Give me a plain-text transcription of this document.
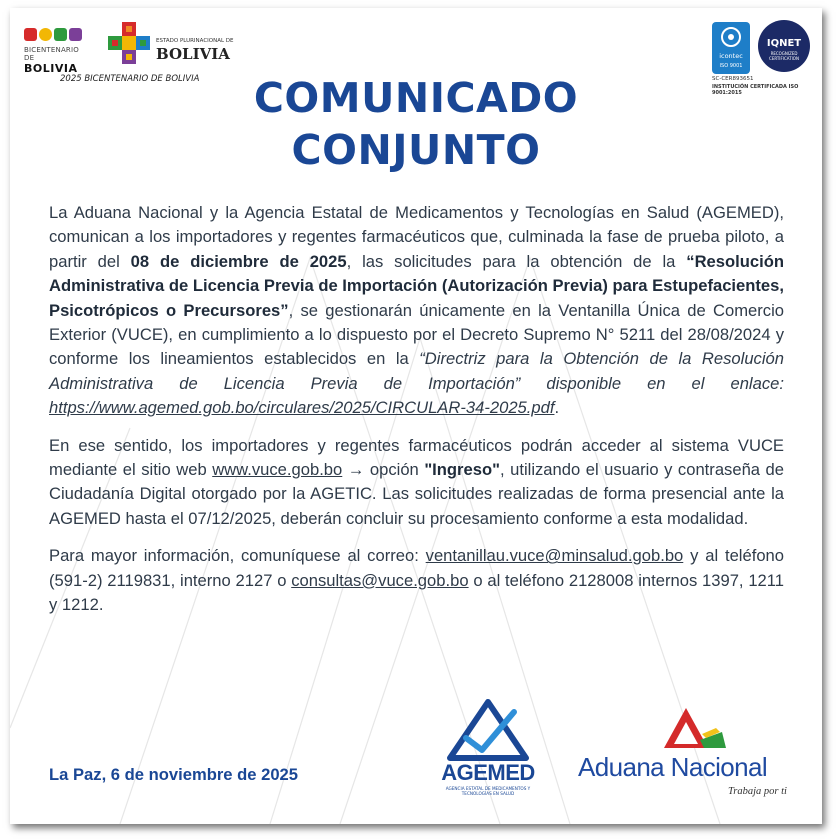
BICENTENARIO DE
BOLIVIA
ESTADO PLURINACIONAL DE
BOLIVIA
2025 BICENTENARIO DE BOLIVIA
icontec
ISO 9001
IQNET
RECOGNIZED CERTIFICATION
SC-CER893651
INSTITUCIÓN CERTIFICADA ISO 9001:2015
COMUNICADO
CONJUNTO

La Aduana Nacional y la Agencia Estatal de Medicamentos y Tecnologías en Salud (AGEMED), comunican a los importadores y regentes farmacéuticos que, culminada la fase de prueba piloto, a partir del 08 de diciembre de 2025, las solicitudes para la obtención de la “Resolución Administrativa de Licencia Previa de Importación (Autorización Previa) para Estupefacientes, Psicotrópicos o Precursores”, se gestionarán únicamente en la Ventanilla Única de Comercio Exterior (VUCE), en cumplimiento a lo dispuesto por el Decreto Supremo N° 5211 del 28/08/2024 y conforme los lineamientos establecidos en la “Directriz para la Obtención de la Resolución Administrativa de Licencia Previa de Importación” disponible en el enlace: https://www.agemed.gob.bo/circulares/2025/CIRCULAR-34-2025.pdf.

En ese sentido, los importadores y regentes farmacéuticos podrán acceder al sistema VUCE mediante el sitio web www.vuce.gob.bo → opción "Ingreso", utilizando el usuario y contraseña de Ciudadanía Digital otorgado por la AGETIC. Las solicitudes realizadas de forma presencial ante la AGEMED hasta el 07/12/2025, deberán concluir su procesamiento conforme a esta modalidad.

Para mayor información, comuníquese al correo: ventanillau.vuce@minsalud.gob.bo y al teléfono (591-2) 2119831, interno 2127 o consultas@vuce.gob.bo o al teléfono 2128008 internos 1397, 1211 y 1212.

La Paz, 6 de noviembre de 2025	AGEMED
AGENCIA ESTATAL DE MEDICAMENTOS Y TECNOLOGÍAS EN SALUD
Aduana Nacional
Trabaja por ti
